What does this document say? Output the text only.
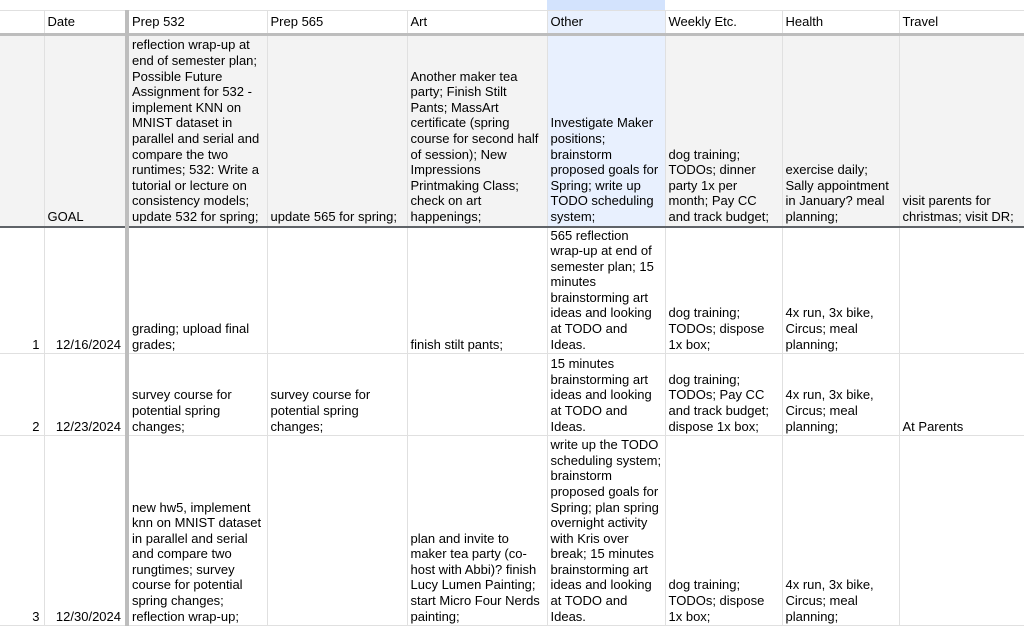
	Date	Prep 532	Prep 565	Art	Other	Weekly Etc.	Health	Travel
	GOAL	reflection wrap-up at end of semester plan; Possible Future Assignment for 532 - implement KNN on MNIST dataset in parallel and serial and compare the two runtimes; 532: Write a tutorial or lecture on consistency models; update 532 for spring;	update 565 for spring;	Another maker tea party; Finish Stilt Pants; MassArt certificate (spring course for second half of session); New Impressions Printmaking Class; check on art happenings;	Investigate Maker positions; brainstorm proposed goals for Spring; write up TODO scheduling system;	dog training; TODOs; dinner party 1x per month; Pay CC and track budget;	exercise daily; Sally appointment in January? meal planning;	visit parents for christmas; visit DR;
1	12/16/2024	grading; upload final grades;		finish stilt pants;	565 reflection wrap-up at end of semester plan; 15 minutes brainstorming art ideas and looking at TODO and Ideas.	dog training; TODOs; dispose 1x box;	4x run, 3x bike, Circus; meal planning;	
2	12/23/2024	survey course for potential spring changes;	survey course for potential spring changes;		15 minutes brainstorming art ideas and looking at TODO and Ideas.	dog training; TODOs; Pay CC and track budget; dispose 1x box;	4x run, 3x bike, Circus; meal planning;	At Parents
3	12/30/2024	new hw5, implement knn on MNIST dataset in parallel and serial and compare two rungtimes; survey course for potential spring changes; reflection wrap-up;		plan and invite to maker tea party (co-host with Abbi)? finish Lucy Lumen Painting; start Micro Four Nerds painting;	write up the TODO scheduling system; brainstorm proposed goals for Spring; plan spring overnight activity with Kris over break; 15 minutes brainstorming art ideas and looking at TODO and Ideas.	dog training; TODOs; dispose 1x box;	4x run, 3x bike, Circus; meal planning;	
